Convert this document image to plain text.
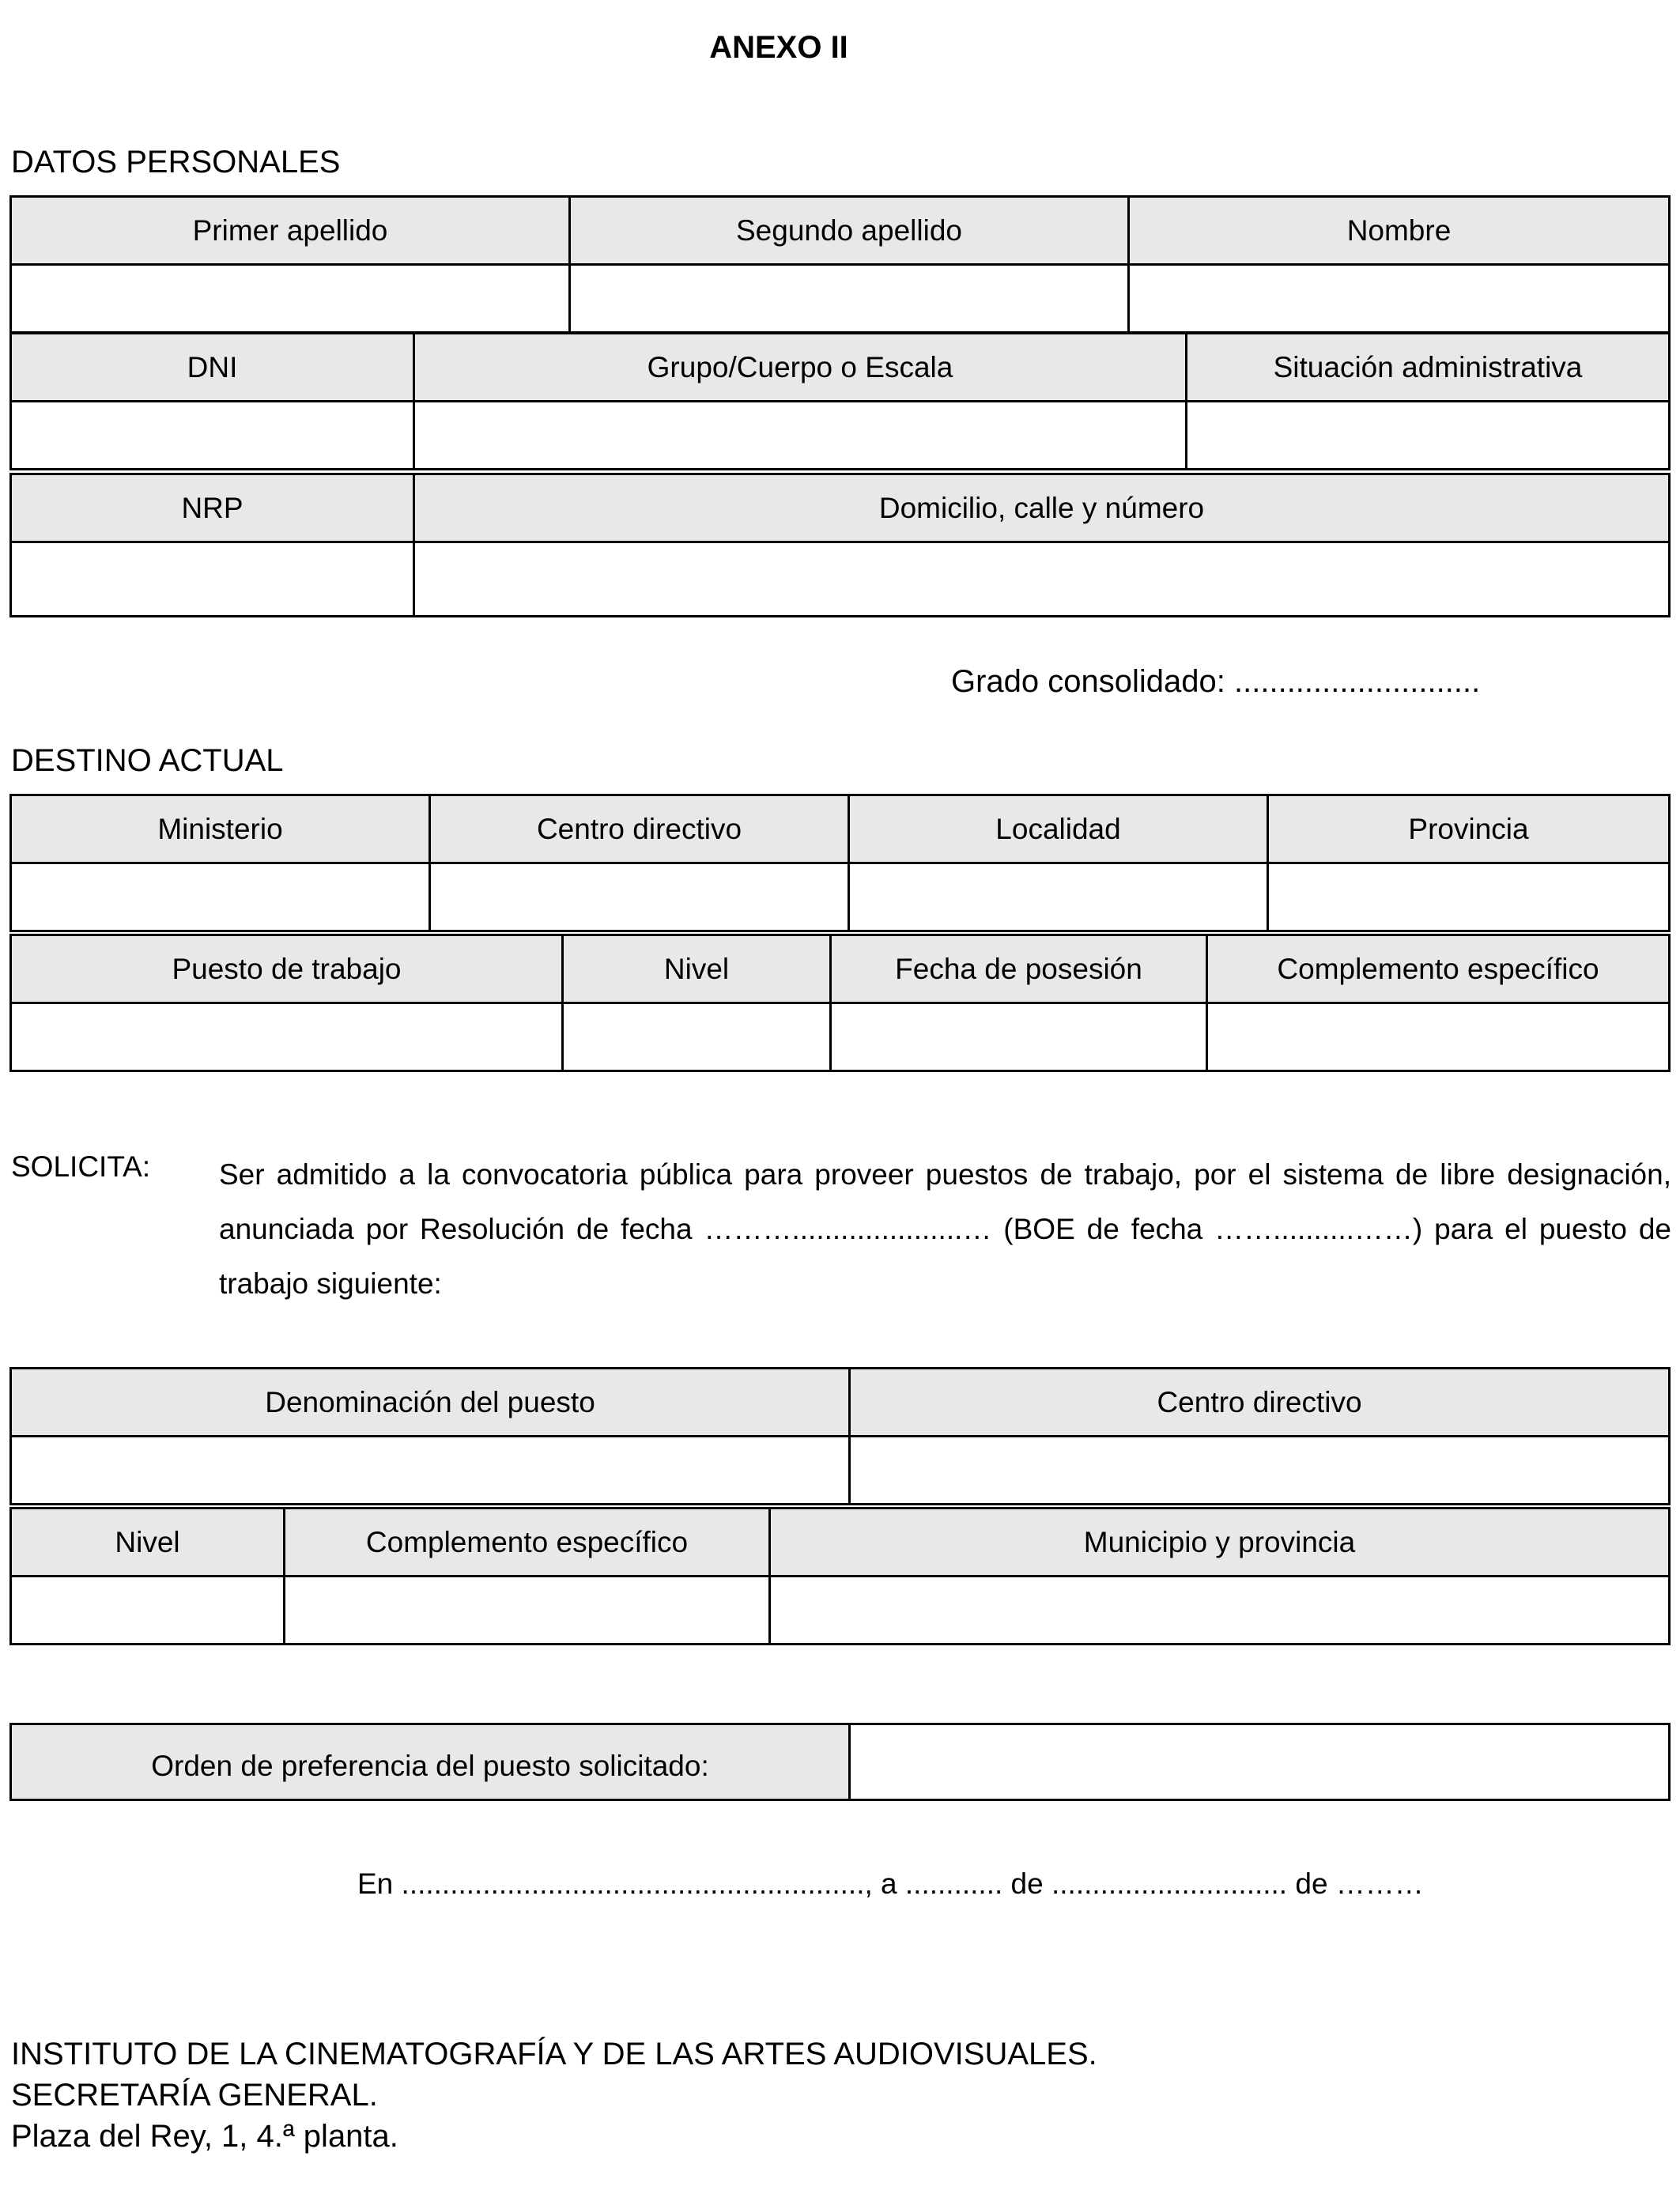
ANEXO II
DATOS PERSONALES
Primer apellido	Segundo apellido	Nombre

DNI	Grupo/Cuerpo o Escala	Situación administrativa

NRP	Domicilio, calle y número

Grado consolidado: ............................
DESTINO ACTUAL
Ministerio	Centro directivo	Localidad	Provincia

Puesto de trabajo	Nivel	Fecha de posesión	Complemento específico

SOLICITA: Ser admitido a la convocatoria pública para proveer puestos de trabajo, por el sistema de libre designación, anunciada por Resolución de fecha ……….....................… (BOE de fecha ……..........……) para el puesto de trabajo siguiente:
Denominación del puesto	Centro directivo

Nivel	Complemento específico	Municipio y provincia

Orden de preferencia del puesto solicitado:	
En ........................................................., a ............ de ............................. de ………
INSTITUTO DE LA CINEMATOGRAFÍA Y DE LAS ARTES AUDIOVISUALES.
SECRETARÍA GENERAL.
Plaza del Rey, 1, 4.ª planta.
